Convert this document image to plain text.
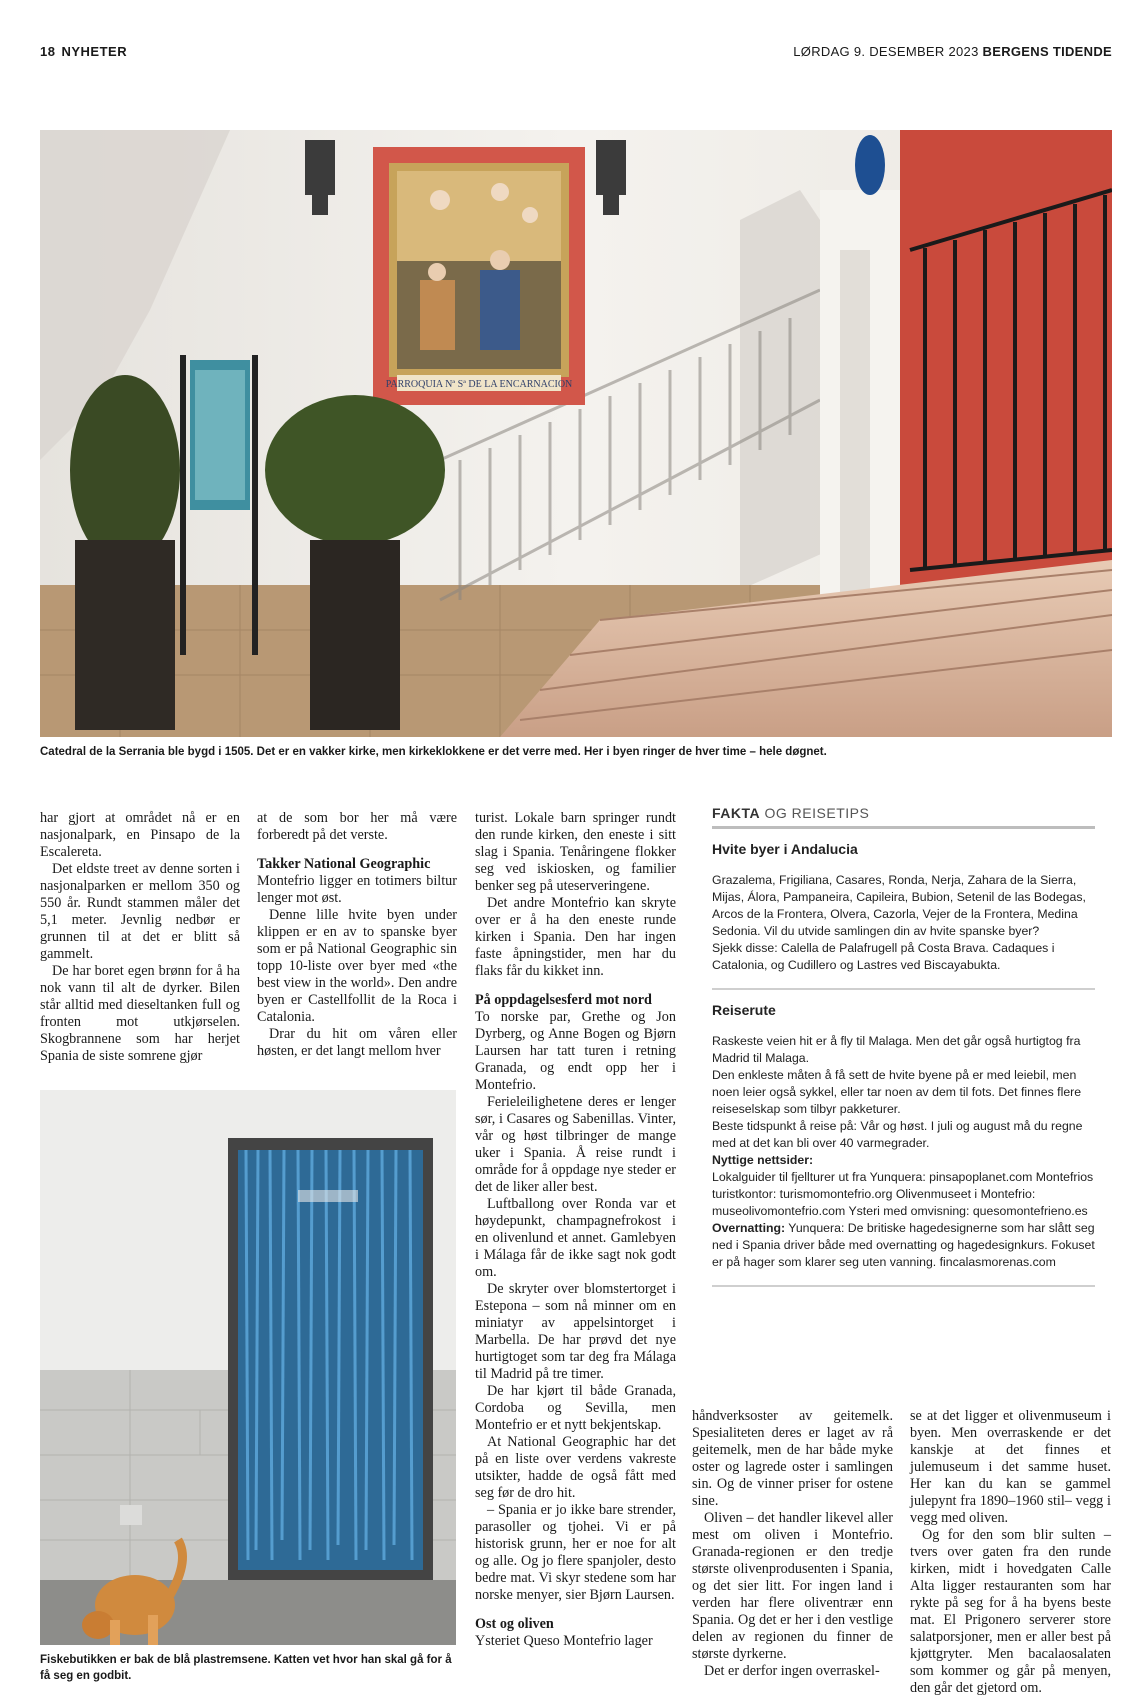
18 NYHETER	LØRDAG 9. DESEMBER 2023 BERGENS TIDENDE
PARROQUIA Nª Sª DE LA ENCARNACION
Catedral de la Serrania ble bygd i 1505. Det er en vakker kirke, men kirkeklokkene er det verre med. Her i byen ringer de hver time – hele døgnet.
Fiskebutikken er bak de blå plastremsene. Katten vet hvor han skal gå for å få seg en godbit.

har gjort at området nå er en nasjonalpark, en Pinsapo de la Escalereta.

Det eldste treet av denne sorten i nasjonalparken er mellom 350 og 550 år. Rundt stammen måler det 5,1 meter. Jevnlig nedbør er grunnen til at det er blitt så gammelt.

De har boret egen brønn for å ha nok vann til alt de dyrker. Bilen står alltid med dieseltanken full og fronten mot utkjørselen. Skogbrannene som har herjet Spania de siste somrene gjør

at de som bor her må være forberedt på det verste.

Takker National Geographic

Montefrio ligger en totimers biltur lenger mot øst.

Denne lille hvite byen under klippen er en av to spanske byer som er på National Geographic sin topp 10-liste over byer med «the best view in the world». Den andre byen er Castellfollit de la Roca i Catalonia.

Drar du hit om våren eller høsten, er det langt mellom hver

turist. Lokale barn springer rundt den runde kirken, den eneste i sitt slag i Spania. Tenåringene flokker seg ved iskiosken, og familier benker seg på uteserveringene.

Det andre Montefrio kan skryte over er å ha den eneste runde kirken i Spania. Den har ingen faste åpningstider, men har du flaks får du kikket inn.

På oppdagelsesferd mot nord

To norske par, Grethe og Jon Dyrberg, og Anne Bogen og Bjørn Laursen har tatt turen i retning Granada, og endt opp her i Montefrio.

Ferieleilighetene deres er lenger sør, i Casares og Sabenillas. Vinter, vår og høst tilbringer de mange uker i Spania. Å reise rundt i område for å oppdage nye steder er det de liker aller best.

Luftballong over Ronda var et høydepunkt, champagnefrokost i en olivenlund et annet. Gamlebyen i Málaga får de ikke sagt nok godt om.

De skryter over blomstertorget i Estepona – som nå minner om en miniatyr av appelsintorget i Marbella. De har prøvd det nye hurtigtoget som tar deg fra Málaga til Madrid på tre timer.

De har kjørt til både Granada, Cordoba og Sevilla, men Montefrio er et nytt bekjentskap.

At National Geographic har det på en liste over verdens vakreste utsikter, hadde de også fått med seg før de dro hit.

– Spania er jo ikke bare strender, parasoller og tjohei. Vi er på historisk grunn, her er noe for alt og alle. Og jo flere spanjoler, desto bedre mat. Vi skyr stedene som har norske menyer, sier Bjørn Laursen.

Ost og oliven

Ysteriet Queso Montefrio lager

FAKTA OG REISETIPS
Hvite byer i Andalucia

Grazalema, Frigiliana, Casares, Ronda, Nerja, Zahara de la Sierra, Mijas, Álora, Pampaneira, Capileira, Bubion, Setenil de las Bodegas, Arcos de la Frontera, Olvera, Cazorla, Vejer de la Frontera, Medina Sedonia. Vil du utvide samlingen din av hvite spanske byer?

Sjekk disse: Calella de Palafrugell på Costa Brava. Cadaques i Catalonia, og Cudillero og Lastres ved Biscayabukta.

Reiserute

Raskeste veien hit er å fly til Malaga. Men det går også hurtigtog fra Madrid til Malaga.

Den enkleste måten å få sett de hvite byene på er med leiebil, men noen leier også sykkel, eller tar noen av dem til fots. Det finnes flere reiseselskap som tilbyr pakketurer.

Beste tidspunkt å reise på: Vår og høst. I juli og august må du regne med at det kan bli over 40 varmegrader.

Nyttige nettsider:

Lokalguider til fjellturer ut fra Yunquera: pinsapoplanet.com Montefrios turistkontor: turismomontefrio.org Olivenmuseet i Montefrio: museolivomontefrio.com Ysteri med omvisning: quesomontefrieno.es

Overnatting: Yunquera: De britiske hagedesignerne som har slått seg ned i Spania driver både med overnatting og hagedesignkurs. Fokuset er på hager som klarer seg uten vanning. fincalasmorenas.com

håndverksoster av geitemelk. Spesialiteten deres er laget av rå geitemelk, men de har både myke oster og lagrede oster i samlingen sin. Og de vinner priser for ostene sine.

Oliven – det handler likevel aller mest om oliven i Montefrio. Granada-regionen er den tredje største olivenprodusenten i Spania, og det sier litt. For ingen land i verden har flere oliventrær enn Spania. Og det er her i den vestlige delen av regionen du finner de største dyrkerne.

Det er derfor ingen overraskel-

se at det ligger et olivenmuseum i byen. Men overraskende er det kanskje at det finnes et julemuseum i det samme huset. Her kan du kan se gammel julepynt fra 1890–1960 stil– vegg i vegg med oliven.

Og for den som blir sulten – tvers over gaten fra den runde kirken, midt i hovedgaten Calle Alta ligger restauranten som har rykte på seg for å ha byens beste mat. El Prigonero serverer store salatporsjoner, men er aller best på kjøttgryter. Men bacalaosalaten som kommer og går på menyen, den går det gjetord om.
